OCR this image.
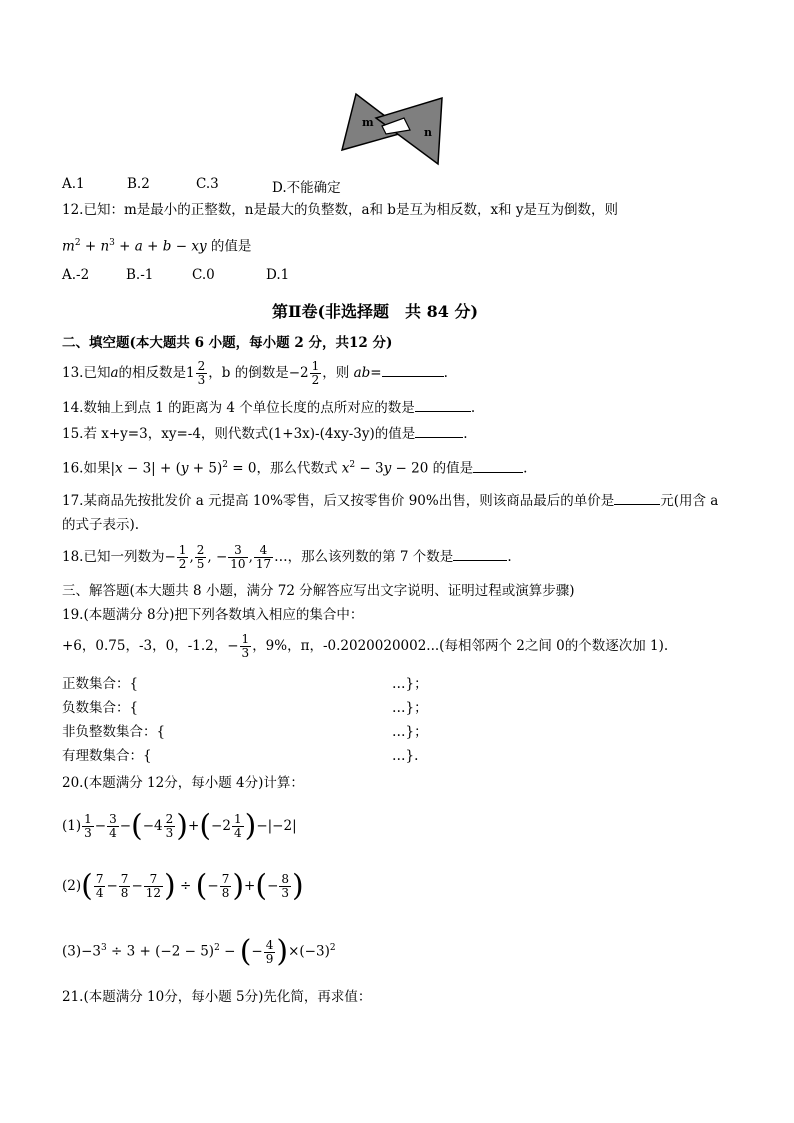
m
n
A.1	B.2	C.3	D.不能确定
12.已知：m是最小的正整数，n是最大的负整数，a和 b是互为相反数，x和 y是互为倒数，则
$m^2 + n^3 + a + b$ − xy 的值是
A.-2	B.-1	C.0	D.1
第Ⅱ卷(非选择题　共 84 分)
二、填空题(本大题共 6 小题，每小题 2 分，共12 分)
13.已知a的相反数是$1 \frac{2}{3}$ ，b 的倒数是$-2 \frac{1}{2}$ ，则 ab=	.
14.数轴上到点 1 的距离为 4 个单位长度的点所对应的数是	.
15.若 x+y=3，xy=-4，则代数式(1+3x)-(4xy-3y)的值是	.
16.如果$|x - 3| + (y + 5)^2 = 0$，那么代数式 $x^2 - 3y - 20$ 的值是	.
17.某商品先按批发价 a 元提高 10%零售，后又按零售价 90%出售，则该商品最后的单价是	元(用含 a
的式子表示).
18.已知一列数为− $\frac{1}{2}$ , $\frac{2}{5}$ , − $\frac{3}{10}$ , $\frac{4}{17}$ …，那么该列数的第 7 个数是	.
三、解答题(本大题共 8 小题，满分 72 分解答应写出文字说明、证明过程或演算步骤)
19.(本题满分 8分)把下列各数填入相应的集合中：
+6，0.75，-3，0，-1.2，− $\frac{1}{3}$ ，9%，π，-0.2020020002...(每相邻两个 2之间 0的个数逐次加 1).
正数集合：{	…}；
负数集合：{	…}；
非负整数集合：{	…}；
有理数集合：{	…}.
20.(本题满分 12分，每小题 4分)计算：
$(1) \frac{1}{3} - \frac{3}{4} -(-4 \frac{2}{3} )+(-2 \frac{1}{4} )-|-2|$
$(2)( \frac{7}{4} - \frac{7}{8} - \frac{7}{12}$ ) ÷ (− $\frac{7}{8}$ )+(− $\frac{8}{3}$ )
$(3)-3^3 \div 3 + (-2 - 5)^2$ − (− $\frac{4}{9} )\times(-3)^2$
21.(本题满分 10分，每小题 5分)先化简，再求值：
